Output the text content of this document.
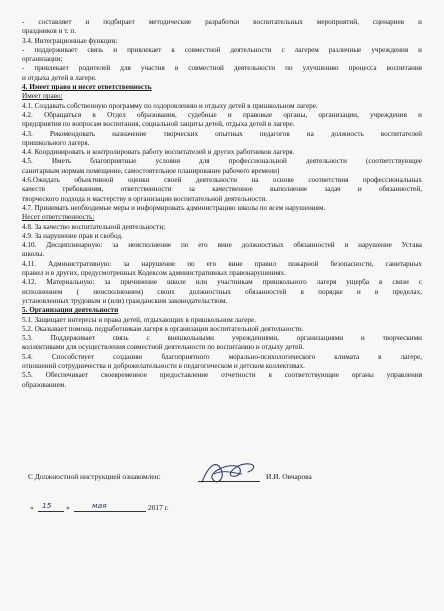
- составляет и подбирает методические разработки воспитательных мероприятий, сценариев и
праздников и т. п.
3.4. Интеграционные функции:
- поддерживает связь и привлекает к совместной деятельности с лагерем различные учреждения и
организации;
- привлекает родителей для участия в совместной деятельности по улучшению процесса воспитания
и отдыха детей в лагере.
4. Имеет право и несет ответственность
Имеет право:
4.1. Создавать собственную программу по оздоровлению и отдыху детей в пришкольном лагере.
4.2. Обращаться в Отдел образования, судебные и правовые органы, организации, учреждения и
предприятия по вопросам воспитания, социальной защиты детей, отдыха детей в лагере.
4.3. Рекомендовать назначение творческих опытных педагогов на должность воспитателей
пришкольного лагеря.
4.4. Координировать и контролировать работу воспитателей и других работников лагеря.
4.5. Иметь благоприятные условия для профессиональной деятельности (соответствующее
санитарным нормам помещение, самостоятельное планирование рабочего времени)
4.6.Ожидать объективной оценки своей деятельности на основе соответствия профессиональных
качеств требованиям, ответственности за качественное выполнение задач и обязанностей,
творческого подхода и мастерству в организации воспитательной деятельности.
4.7. Принимать необходимые меры и информировать администрацию школы по всем нарушениям.
Несет ответственность:
4.8. За качество воспитательной деятельности;
4.9. За нарушение прав и свобод.
4.10. Дисциплинарную: за неисполнение по его вине должностных обязанностей и нарушение Устава
школы.
4.11. Административную: за нарушение по его вине правил пожарной безопасности, санитарных
правил и в других, предусмотренных Кодексом административных правонарушениях.
4.12. Материальную: за причинение школе или участникам пришкольного лагеря ущерба в связи с
исполнением ( неисполнением) своих должностных обязанностей в порядке и в пределах,
установленных трудовым и (или) гражданским законодательством.
5. Организация деятельности
5.1. Защищает интересы и права детей, отдыхающих в пришкольном лагере.
5.2. Оказывает помощь педработникам лагеря в организации воспитательной деятельности.
5.3. Поддерживает связь с внешкольными учреждениями, организациями и творческими
коллективами для осуществления совместной деятельности по воспитанию и отдыху детей.
5.4. Способствует созданию благоприятного морально-психологического климата в лагере,
отношений сотрудничества и доброжелательности в педагогическом и детском коллективах.
5.5. Обеспечивает своевременное предоставление отчетности в соответствующие органы управления
образованием.
С Должностной инструкцией ознакомлен:	И.И. Овчарова
« 15 »	мая	2017 г.
